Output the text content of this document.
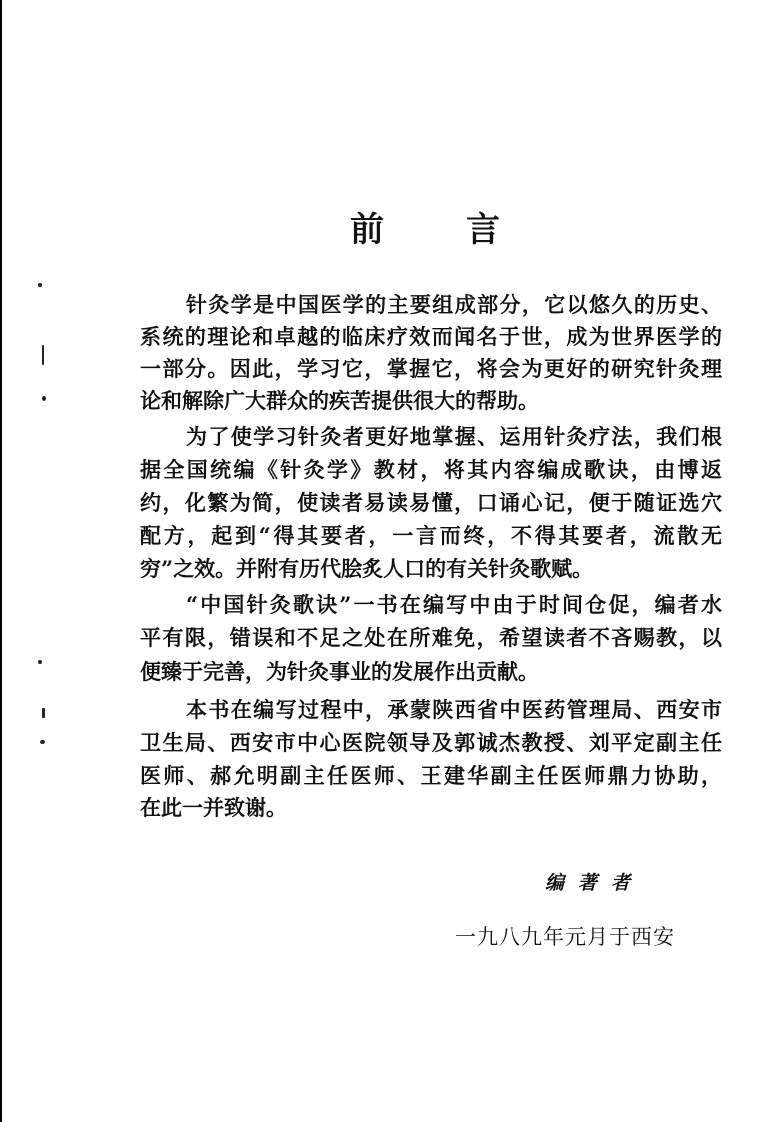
前　言
针灸学是中国医学的主要组成部分，它以悠久的历史、
系统的理论和卓越的临床疗效而闻名于世，成为世界医学的
一部分。因此，学习它，掌握它，将会为更好的研究针灸理
论和解除广大群众的疾苦提供很大的帮助。
为了使学习针灸者更好地掌握、运用针灸疗法，我们根
据全国统编《针灸学》教材，将其内容编成歌诀，由博返
约，化繁为简，使读者易读易懂，口诵心记，便于随证选穴
配方，起到“得其要者，一言而终，不得其要者，流散无
穷”之效。并附有历代脍炙人口的有关针灸歌赋。
“中国针灸歌诀”一书在编写中由于时间仓促，编者水
平有限，错误和不足之处在所难免，希望读者不吝赐教，以
便臻于完善，为针灸事业的发展作出贡献。
本书在编写过程中，承蒙陕西省中医药管理局、西安市
卫生局、西安市中心医院领导及郭诚杰教授、刘平定副主任
医师、郝允明副主任医师、王建华副主任医师鼎力协助，
在此一并致谢。
编著者
一九八九年元月于西安
